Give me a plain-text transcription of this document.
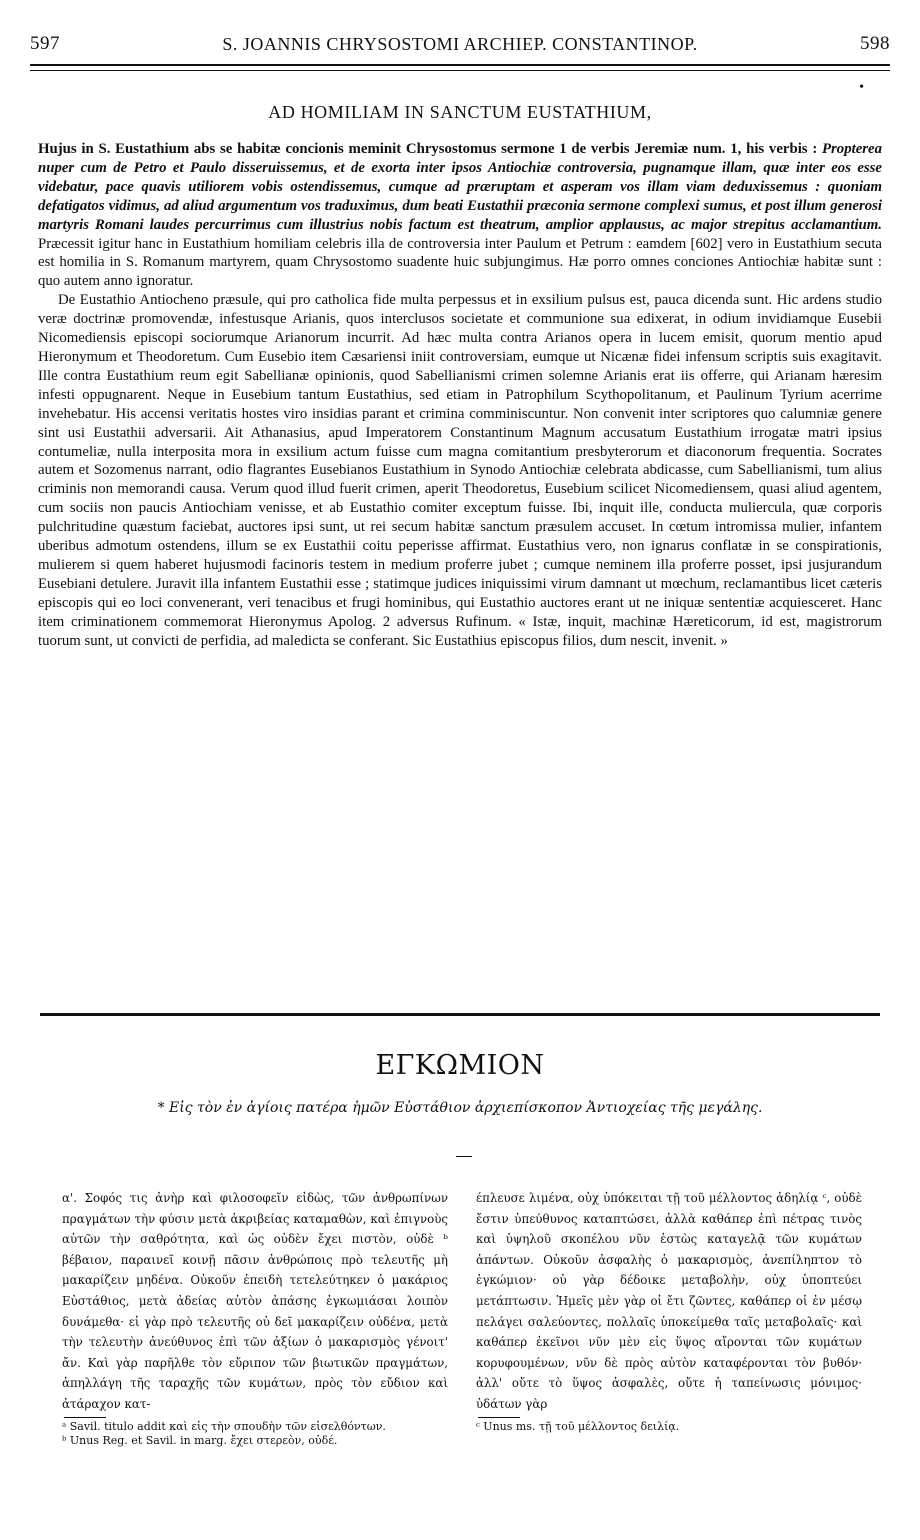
597	S. JOANNIS CHRYSOSTOMI ARCHIEP. CONSTANTINOP.	598
•
AD HOMILIAM IN SANCTUM EUSTATHIUM,

Hujus in S. Eustathium abs se habitæ concionis meminit Chrysostomus sermone 1 de verbis Jeremiæ num. 1, his verbis : Propterea nuper cum de Petro et Paulo disseruissemus, et de exorta inter ipsos Antiochiæ controversia, pugnamque illam, quæ inter eos esse videbatur, pace quavis utiliorem vobis ostendissemus, cumque ad præruptam et asperam vos illam viam deduxissemus : quoniam defatigatos vidimus, ad aliud argumentum vos traduximus, dum beati Eustathii præconia sermone complexi sumus, et post illum generosi martyris Romani laudes percurrimus cum illustrius nobis factum est theatrum, amplior applausus, ac major strepitus acclamantium. Præcessit igitur hanc in Eustathium homiliam celebris illa de controversia inter Paulum et Petrum : eamdem [602] vero in Eustathium secuta est homilia in S. Romanum martyrem, quam Chrysostomo suadente huic subjungimus. Hæ porro omnes conciones Antiochiæ habitæ sunt : quo autem anno ignoratur.

De Eustathio Antiocheno præsule, qui pro catholica fide multa perpessus et in exsilium pulsus est, pauca dicenda sunt. Hic ardens studio veræ doctrinæ promovendæ, infestusque Arianis, quos interclusos societate et communione sua edixerat, in odium invidiamque Eusebii Nicomediensis episcopi sociorumque Arianorum incurrit. Ad hæc multa contra Arianos opera in lucem emisit, quorum mentio apud Hieronymum et Theodoretum. Cum Eusebio item Cæsariensi iniit controversiam, eumque ut Nicænæ fidei infensum scriptis suis exagitavit. Ille contra Eustathium reum egit Sabellianæ opinionis, quod Sabellianismi crimen solemne Arianis erat iis offerre, qui Arianam hæresim infesti oppugnarent. Neque in Eusebium tantum Eustathius, sed etiam in Patrophilum Scythopolitanum, et Paulinum Tyrium acerrime invehebatur. His accensi veritatis hostes viro insidias parant et crimina comminiscuntur. Non convenit inter scriptores quo calumniæ genere sint usi Eustathii adversarii. Ait Athanasius, apud Imperatorem Constantinum Magnum accusatum Eustathium irrogatæ matri ipsius contumeliæ, nulla interposita mora in exsilium actum fuisse cum magna comitantium presbyterorum et diaconorum frequentia. Socrates autem et Sozomenus narrant, odio flagrantes Eusebianos Eustathium in Synodo Antiochiæ celebrata abdicasse, cum Sabellianismi, tum alius criminis non memorandi causa. Verum quod illud fuerit crimen, aperit Theodoretus, Eusebium scilicet Nicomediensem, quasi aliud agentem, cum sociis non paucis Antiochiam venisse, et ab Eustathio comiter exceptum fuisse. Ibi, inquit ille, conducta muliercula, quæ corporis pulchritudine quæstum faciebat, auctores ipsi sunt, ut rei secum habitæ sanctum præsulem accuset. In cœtum intromissa mulier, infantem uberibus admotum ostendens, illum se ex Eustathii coitu peperisse affirmat. Eustathius vero, non ignarus conflatæ in se conspirationis, mulierem si quem haberet hujusmodi facinoris testem in medium proferre jubet ; cumque neminem illa proferre posset, ipsi jusjurandum Eusebiani detulere. Juravit illa infantem Eustathii esse ; statimque judices iniquissimi virum damnant ut mœchum, reclamantibus licet cæteris episcopis qui eo loci convenerant, veri tenacibus et frugi hominibus, qui Eustathio auctores erant ut ne iniquæ sententiæ acquiesceret. Hanc item criminationem commemorat Hieronymus Apolog. 2 adversus Rufinum. « Istæ, inquit, machinæ Hæreticorum, id est, magistrorum tuorum sunt, ut convicti de perfidia, ad maledicta se conferant. Sic Eustathius episcopus filios, dum nescit, invenit. »

ΕΓΚΩΜΙΟΝ
* Εἰς τὸν ἐν ἁγίοις πατέρα ἡμῶν Εὐστάθιον ἀρχιεπίσκοπον Ἀντιοχείας τῆς μεγάλης.

α'. Σοφός τις ἀνὴρ καὶ φιλοσοφεῖν εἰδὼς, τῶν ἀνθρωπίνων πραγμάτων τὴν φύσιν μετὰ ἀκριβείας καταμαθὼν, καὶ ἐπιγνοὺς αὐτῶν τὴν σαθρότητα, καὶ ὡς οὐδὲν ἔχει πιστὸν, οὐδὲ ᵇ βέβαιον, παραινεῖ κοινῇ πᾶσιν ἀνθρώποις πρὸ τελευτῆς μὴ μακαρίζειν μηδένα. Οὐκοῦν ἐπειδὴ τετελεύτηκεν ὁ μακάριος Εὐστάθιος, μετὰ ἀδείας αὐτὸν ἀπάσης ἐγκωμιάσαι λοιπὸν δυνάμεθα· εἰ γὰρ πρὸ τελευτῆς οὐ δεῖ μακαρίζειν οὐδένα, μετὰ τὴν τελευτὴν ἀνεύθυνος ἐπὶ τῶν ἀξίων ὁ μακαρισμὸς γένοιτ' ἄν. Καὶ γὰρ παρῆλθε τὸν εὔριπον τῶν βιωτικῶν πραγμάτων, ἀπηλλάγη τῆς ταραχῆς τῶν κυμάτων, πρὸς τὸν εὔδιον καὶ ἀτάραχον κατ-

ᵃ Savil. titulo addit καὶ εἰς τὴν σπουδὴν τῶν εἰσελθόντων.

ᵇ Unus Reg. et Savil. in marg. ἔχει στερεὸν, οὐδέ.

έπλευσε λιμένα, οὐχ ὑπόκειται τῇ τοῦ μέλλοντος ἀδηλίᾳ ᶜ, οὐδὲ ἔστιν ὑπεύθυνος καταπτώσει, ἀλλὰ καθάπερ ἐπὶ πέτρας τινὸς καὶ ὑψηλοῦ σκοπέλου νῦν ἑστὼς καταγελᾷ τῶν κυμάτων ἁπάντων. Οὐκοῦν ἀσφαλὴς ὁ μακαρισμὸς, ἀνεπίληπτον τὸ ἐγκώμιον· οὐ γὰρ δέδοικε μεταβολὴν, οὐχ ὑποπτεύει μετάπτωσιν. Ἡμεῖς μὲν γὰρ οἱ ἔτι ζῶντες, καθάπερ οἱ ἐν μέσῳ πελάγει σαλεύοντες, πολλαῖς ὑποκείμεθα ταῖς μεταβολαῖς· καὶ καθάπερ ἐκεῖνοι νῦν μὲν εἰς ὕψος αἴρονται τῶν κυμάτων κορυφουμένων, νῦν δὲ πρὸς αὐτὸν καταφέρονται τὸν βυθόν· ἀλλ' οὔτε τὸ ὕψος ἀσφαλὲς, οὔτε ἡ ταπείνωσις μόνιμος· ὑδάτων γὰρ

ᶜ Unus ms. τῇ τοῦ μέλλοντος δειλίᾳ.
